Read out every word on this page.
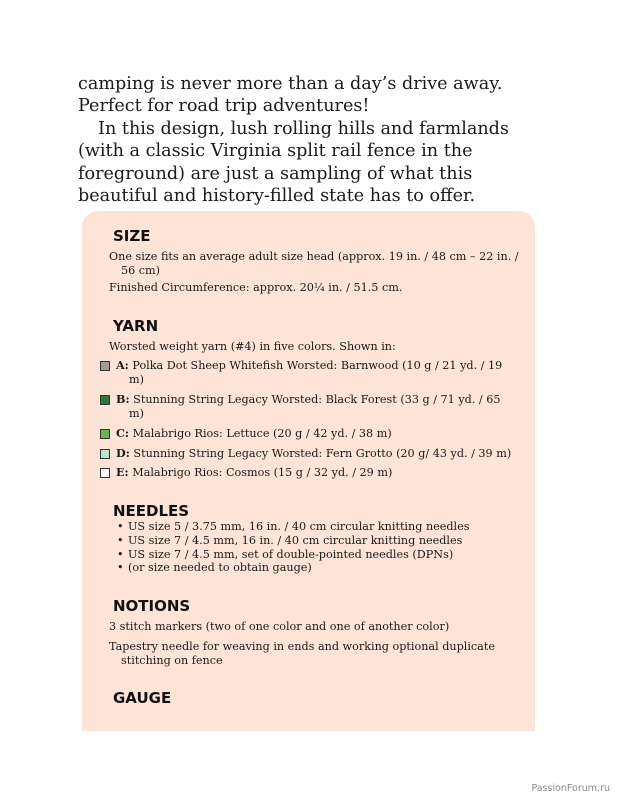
camping is never more than a day’s drive away.

Perfect for road trip adventures!

In this design, lush rolling hills and farmlands (with a classic Virginia split rail fence in the foreground) are just a sampling of what this beautiful and history-filled state has to offer.

SIZE
One size fits an average adult size head (approx. 19 in. / 48 cm – 22 in. / 56 cm)
Finished Circumference: approx. 20¼ in. / 51.5 cm.
YARN
Worsted weight yarn (#4) in five colors. Shown in:
A: Polka Dot Sheep Whitefish Worsted: Barnwood (10 g / 21 yd. / 19
m)
B: Stunning String Legacy Worsted: Black Forest (33 g / 71 yd. / 65
m)
C: Malabrigo Rios: Lettuce (20 g / 42 yd. / 38 m)
D: Stunning String Legacy Worsted: Fern Grotto (20 g/ 43 yd. / 39 m)
E: Malabrigo Rios: Cosmos (15 g / 32 yd. / 29 m)
NEEDLES
• US size 5 / 3.75 mm, 16 in. / 40 cm circular knitting needles
• US size 7 / 4.5 mm, 16 in. / 40 cm circular knitting needles
• US size 7 / 4.5 mm, set of double-pointed needles (DPNs)
• (or size needed to obtain gauge)
NOTIONS
3 stitch markers (two of one color and one of another color)
Tapestry needle for weaving in ends and working optional duplicate stitching on fence
GAUGE
PassionForum.ru
